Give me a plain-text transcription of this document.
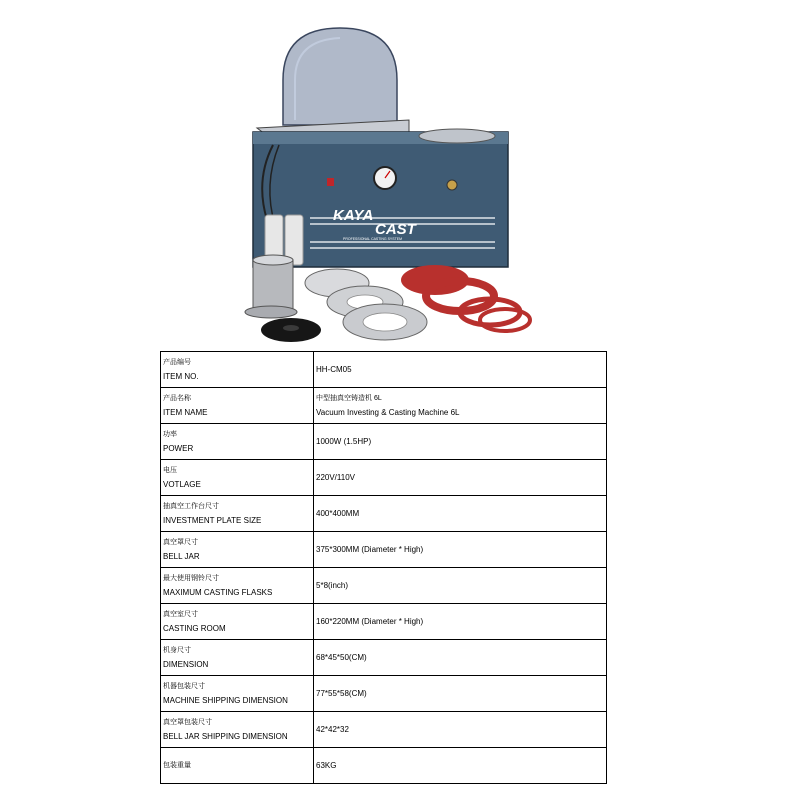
KAYA
CAST
PROFESSIONAL CASTING SYSTEM
产品编号
ITEM NO.	HH-CM05

产品名称
ITEM NAME	中型抽真空铸造机 6L
Vacuum Investing & Casting Machine 6L

功率
POWER	1000W (1.5HP)

电压
VOTLAGE	220V/110V

抽真空工作台尺寸
INVESTMENT PLATE SIZE	400*400MM

真空罩尺寸
BELL JAR	375*300MM (Diameter * High)

最大使用钢铃尺寸
MAXIMUM CASTING FLASKS	5*8(inch)

真空室尺寸
CASTING ROOM	160*220MM (Diameter * High)

机身尺寸
DIMENSION	68*45*50(CM)

机器包装尺寸
MACHINE SHIPPING DIMENSION	77*55*58(CM)

真空罩包装尺寸
BELL JAR SHIPPING DIMENSION	42*42*32

包装重量	63KG
